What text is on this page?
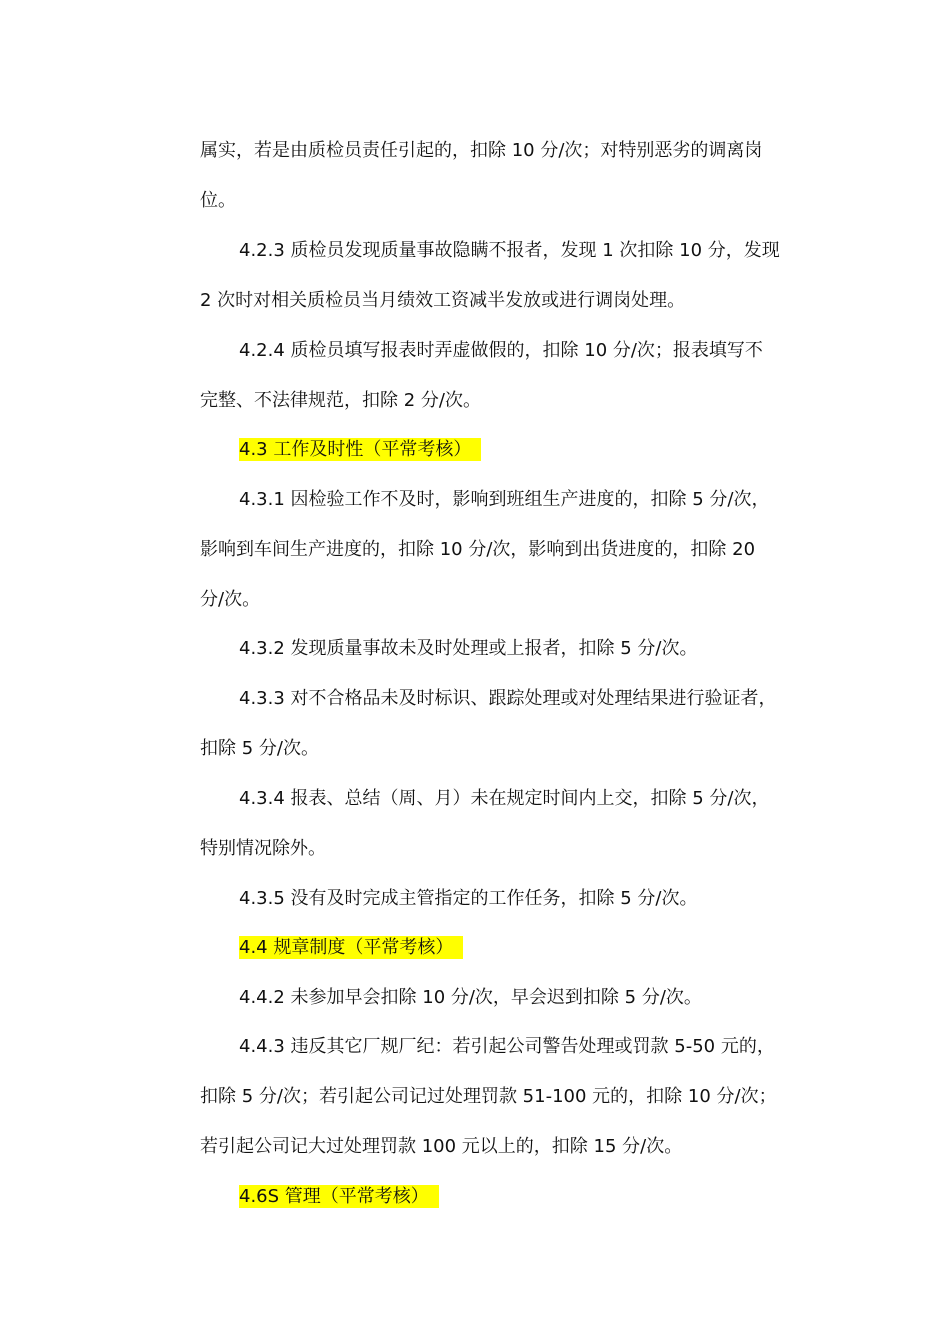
属实，若是由质检员责任引起的，扣除 10 分/次；对特别恶劣的调离岗
位。
4.2.3 质检员发现质量事故隐瞒不报者，发现 1 次扣除 10 分，发现
2 次时对相关质检员当月绩效工资减半发放或进行调岗处理。
4.2.4 质检员填写报表时弄虚做假的，扣除 10 分/次；报表填写不
完整、不法律规范，扣除 2 分/次。
4.3 工作及时性（平常考核）
4.3.1 因检验工作不及时，影响到班组生产进度的，扣除 5 分/次，
影响到车间生产进度的，扣除 10 分/次，影响到出货进度的，扣除 20
分/次。
4.3.2 发现质量事故未及时处理或上报者，扣除 5 分/次。
4.3.3 对不合格品未及时标识、跟踪处理或对处理结果进行验证者，
扣除 5 分/次。
4.3.4 报表、总结（周、月）未在规定时间内上交，扣除 5 分/次，
特别情况除外。
4.3.5 没有及时完成主管指定的工作任务，扣除 5 分/次。
4.4 规章制度（平常考核）
4.4.2 未参加早会扣除 10 分/次，早会迟到扣除 5 分/次。
4.4.3 违反其它厂规厂纪：若引起公司警告处理或罚款 5-50 元的，
扣除 5 分/次；若引起公司记过处理罚款 51-100 元的，扣除 10 分/次；
若引起公司记大过处理罚款 100 元以上的，扣除 15 分/次。
4.6S 管理（平常考核）
